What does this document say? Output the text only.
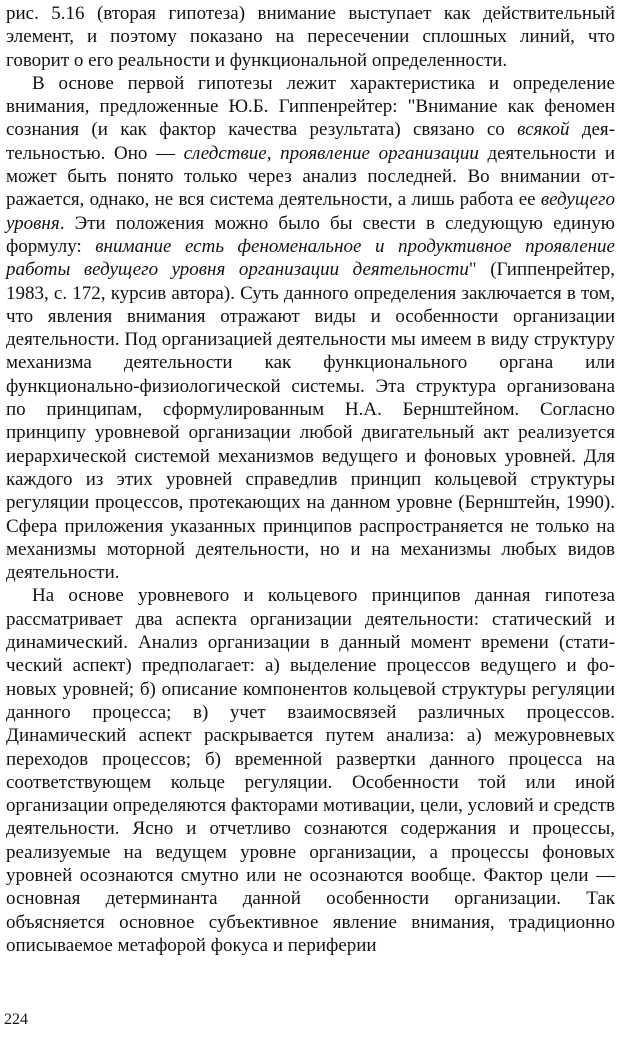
рис. 5.16 (вторая гипотеза) внимание выступает как действительный элемент, и поэтому показано на пересечении сплошных линий, что говорит о его реальности и функциональной определенности.

В основе первой гипотезы лежит характеристика и определение внимания, предложенные Ю.Б. Гиппенрейтер: "Внимание как феномен сознания (и как фактор качества результата) связано со всякой деятельностью. Оно — следствие, проявление организации деятельности и может быть понято только через анализ последней. Во внимании отражается, однако, не вся система деятельности, а лишь работа ее ведущего уровня. Эти положения можно было бы свести в следующую единую формулу: внимание есть феноменальное и продуктивное проявление работы ведущего уровня организации деятельности" (Гиппенрейтер, 1983, с. 172, курсив автора). Суть данного определения заключается в том, что явления внимания отражают виды и особенности организации деятельности. Под организацией деятельности мы имеем в виду структуру механизма деятельности как функционального органа или функционально-физиологической системы. Эта структура организована по принципам, сформулированным Н.А. Бернштейном. Согласно принципу уровневой организации любой двигательный акт реализуется иерархической системой механизмов ведущего и фоновых уровней. Для каждого из этих уровней справедлив принцип кольцевой структуры регуляции процессов, протекающих на данном уровне (Бернштейн, 1990). Сфера приложения указанных принципов распространяется не только на механизмы моторной деятельности, но и на механизмы любых видов деятельности.

На основе уровневого и кольцевого принципов данная гипотеза рассматривает два аспекта организации деятельности: статический и динамический. Анализ организации в данный момент времени (статический аспект) предполагает: а) выделение процессов ведущего и фоновых уровней; б) описание компонентов кольцевой структуры регуляции данного процесса; в) учет взаимосвязей различных процессов. Динамический аспект раскрывается путем анализа: а) межуровневых переходов процессов; б) временной развертки данного процесса на соответствующем кольце регуляции. Особенности той или иной организации определяются факторами мотивации, цели, условий и средств деятельности. Ясно и отчетливо сознаются содержания и процессы, реализуемые на ведущем уровне организации, а процессы фоновых уровней осознаются смутно или не осознаются вообще. Фактор цели — основная детерминанта данной особенности организации. Так объясняется основное субъективное явление внимания, традиционно описываемое метафорой фокуса и периферии

224
